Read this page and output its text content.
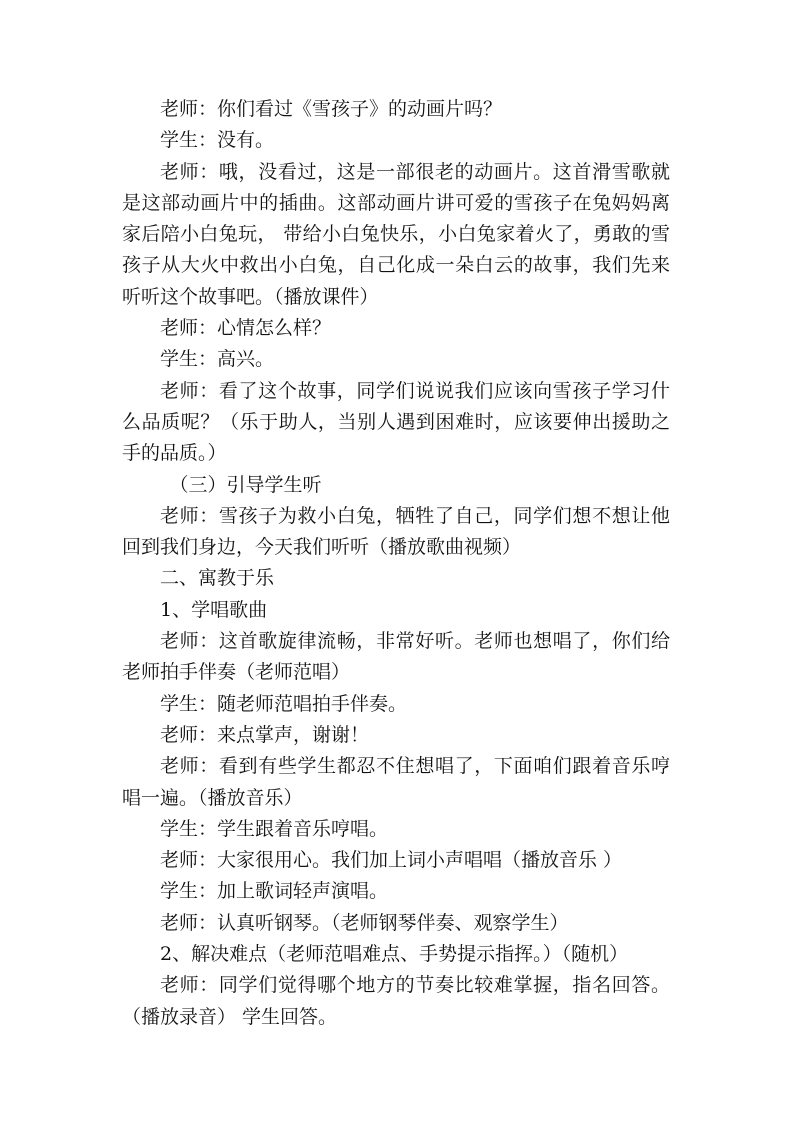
老师：你们看过《雪孩子》的动画片吗？

学生：没有。

老师：哦，没看过，这是一部很老的动画片。这首滑雪歌就是这部动画片中的插曲。这部动画片讲可爱的雪孩子在兔妈妈离家后陪小白兔玩， 带给小白兔快乐，小白兔家着火了，勇敢的雪孩子从大火中救出小白兔，自己化成一朵白云的故事，我们先来听听这个故事吧。（播放课件）

老师：心情怎么样？

学生：高兴。

老师：看了这个故事，同学们说说我们应该向雪孩子学习什么品质呢？（乐于助人，当别人遇到困难时，应该要伸出援助之手的品质。）

（三）引导学生听

老师：雪孩子为救小白兔，牺牲了自己，同学们想不想让他回到我们身边，今天我们听听（播放歌曲视频）

二、寓教于乐

1、学唱歌曲

老师：这首歌旋律流畅，非常好听。老师也想唱了，你们给老师拍手伴奏（老师范唱）

学生：随老师范唱拍手伴奏。

老师：来点掌声，谢谢！

老师：看到有些学生都忍不住想唱了，下面咱们跟着音乐哼唱一遍。（播放音乐）

学生：学生跟着音乐哼唱。

老师：大家很用心。我们加上词小声唱唱（播放音乐 ）

学生：加上歌词轻声演唱。

老师：认真听钢琴。（老师钢琴伴奏、观察学生）

2、解决难点（老师范唱难点、手势提示指挥。）（随机）

老师：同学们觉得哪个地方的节奏比较难掌握，指名回答。（播放录音） 学生回答。
